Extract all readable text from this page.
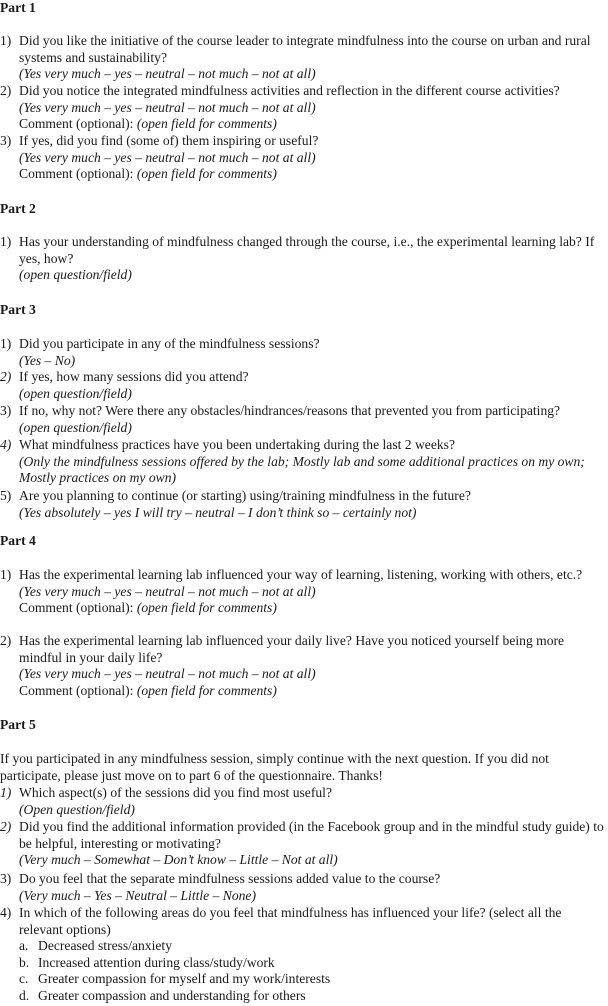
Part 1
1) Did you like the initiative of the course leader to integrate mindfulness into the course on urban and rural systems and sustainability?
(Yes very much – yes – neutral – not much – not at all)
2) Did you notice the integrated mindfulness activities and reflection in the different course activities?
(Yes very much – yes – neutral – not much – not at all)
Comment (optional): (open field for comments)
3) If yes, did you find (some of) them inspiring or useful?
(Yes very much – yes – neutral – not much – not at all)
Comment (optional): (open field for comments)
Part 2
1) Has your understanding of mindfulness changed through the course, i.e., the experimental learning lab? If yes, how?
(open question/field)
Part 3
1) Did you participate in any of the mindfulness sessions?
(Yes – No)
2) If yes, how many sessions did you attend?
(open question/field)
3) If no, why not? Were there any obstacles/hindrances/reasons that prevented you from participating?
(open question/field)
4) What mindfulness practices have you been undertaking during the last 2 weeks?
(Only the mindfulness sessions offered by the lab; Mostly lab and some additional practices on my own; Mostly practices on my own)
5) Are you planning to continue (or starting) using/training mindfulness in the future?
(Yes absolutely – yes I will try – neutral – I don’t think so – certainly not)
Part 4
1) Has the experimental learning lab influenced your way of learning, listening, working with others, etc.?
(Yes very much – yes – neutral – not much – not at all)
Comment (optional): (open field for comments)
2) Has the experimental learning lab influenced your daily live? Have you noticed yourself being more mindful in your daily life?
(Yes very much – yes – neutral – not much – not at all)
Comment (optional): (open field for comments)
Part 5
If you participated in any mindfulness session, simply continue with the next question. If you did not participate, please just move on to part 6 of the questionnaire. Thanks!
1) Which aspect(s) of the sessions did you find most useful?
(Open question/field)
2) Did you find the additional information provided (in the Facebook group and in the mindful study guide) to be helpful, interesting or motivating?
(Very much – Somewhat – Don’t know – Little – Not at all)
3) Do you feel that the separate mindfulness sessions added value to the course?
(Very much – Yes – Neutral – Little – None)
4) In which of the following areas do you feel that mindfulness has influenced your life? (select all the relevant options)
a. Decreased stress/anxiety
b. Increased attention during class/study/work
c. Greater compassion for myself and my work/interests
d. Greater compassion and understanding for others
